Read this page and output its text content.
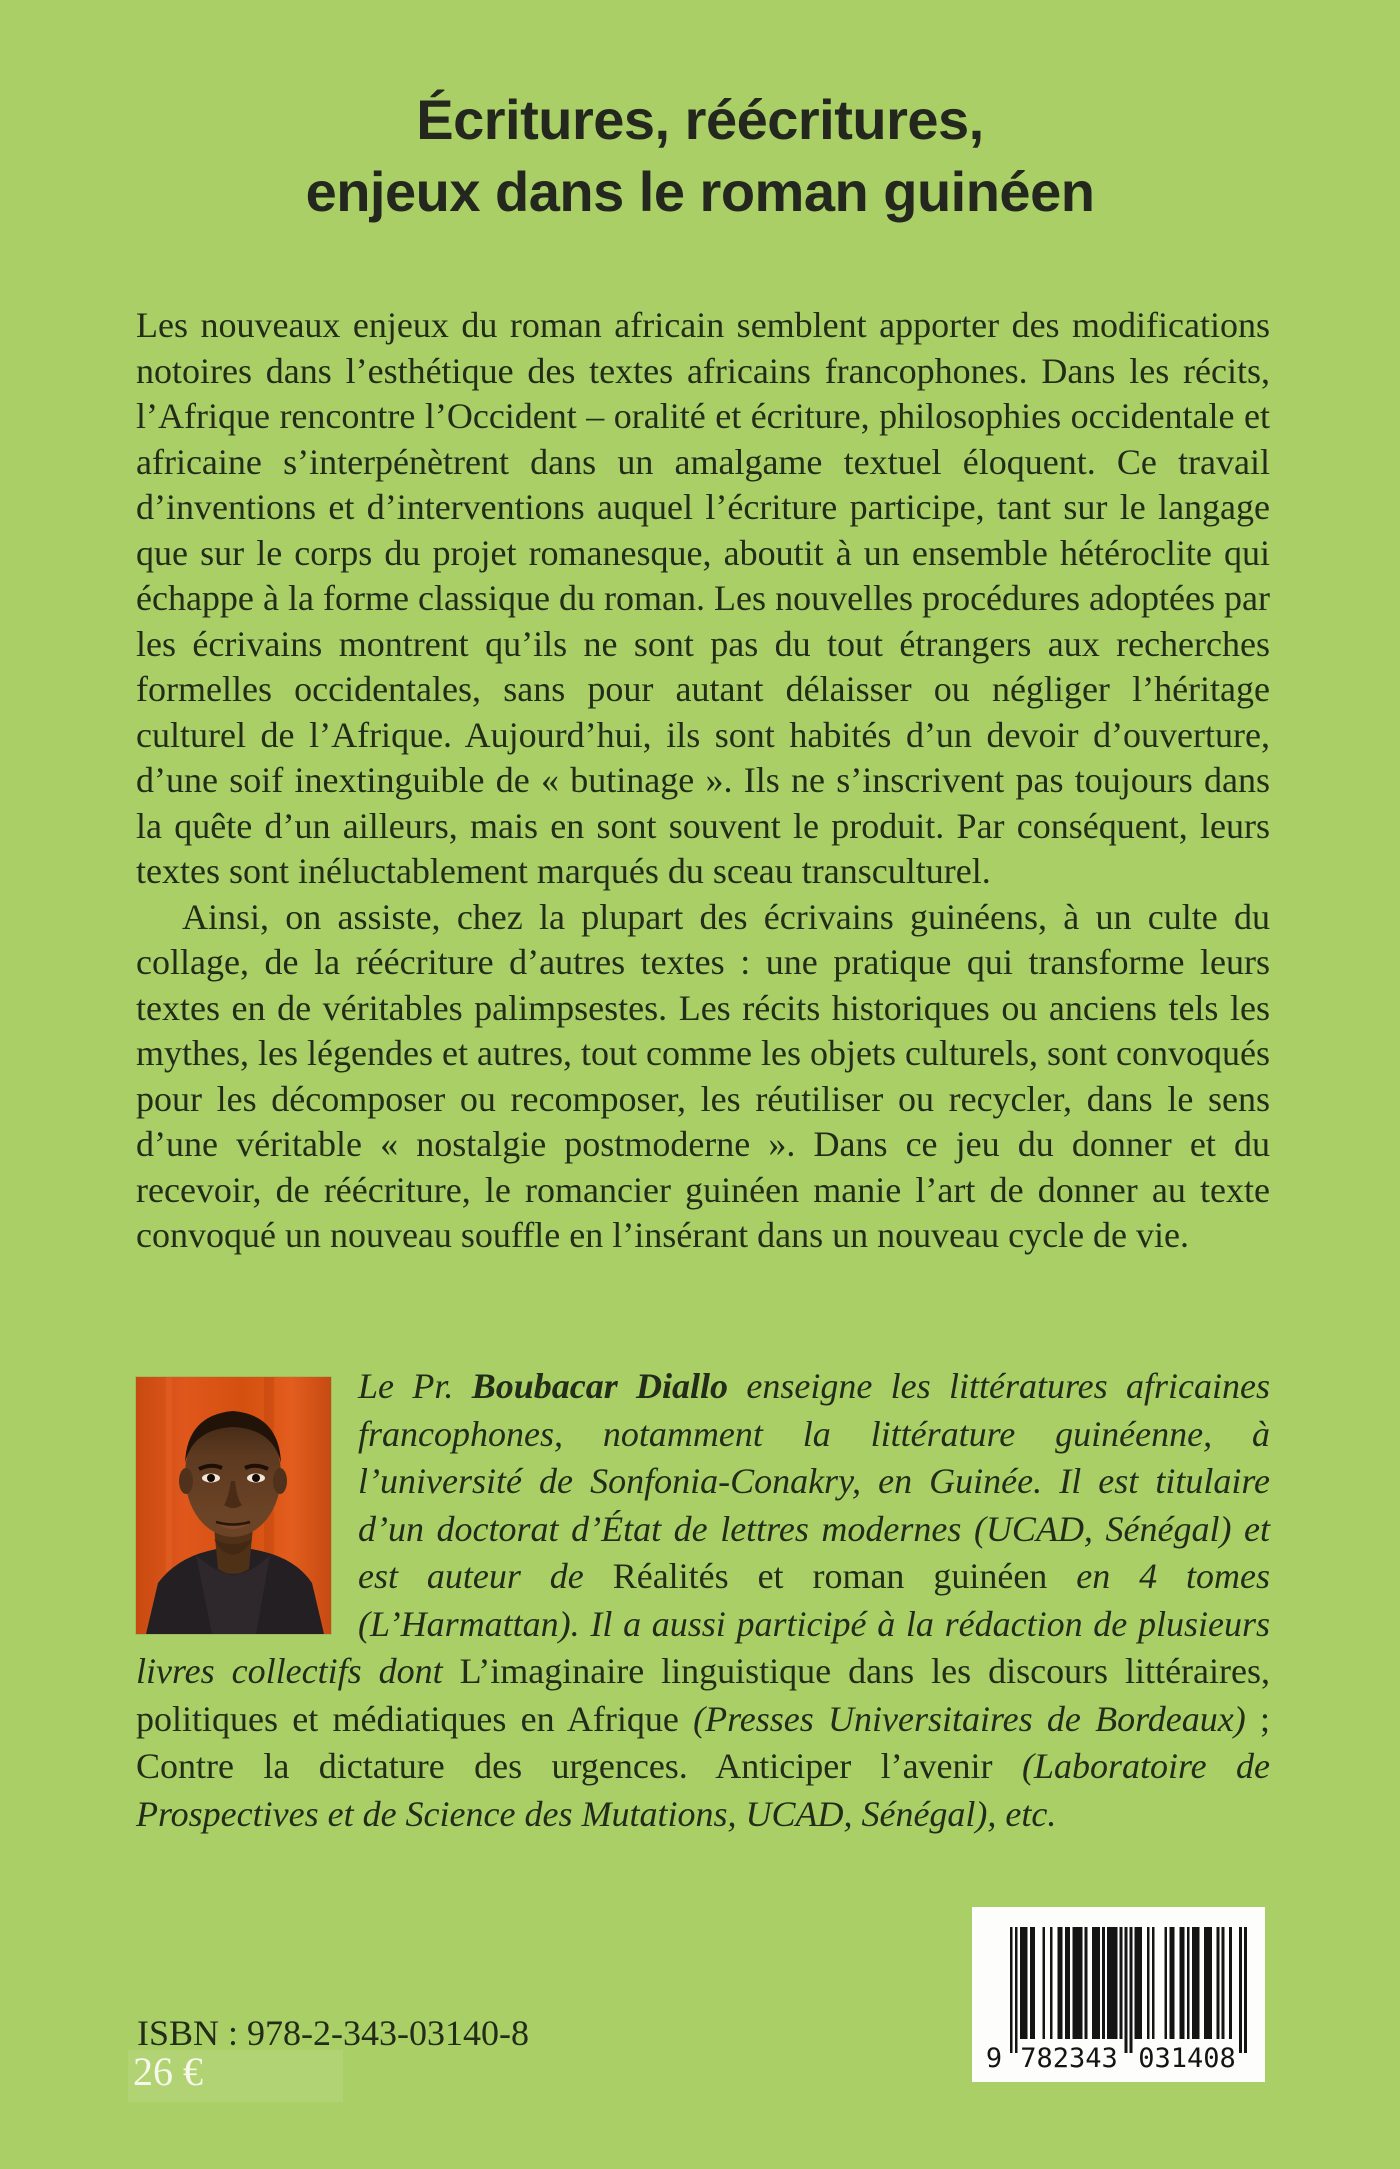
Écritures, réécritures,
enjeux dans le roman guinéen

Les nouveaux enjeux du roman africain semblent apporter des modifications notoires dans l’esthétique des textes africains francophones. Dans les récits, l’Afrique rencontre l’Occident – oralité et écriture, philosophies occidentale et africaine s’interpénètrent dans un amalgame textuel éloquent. Ce travail d’inventions et d’interventions auquel l’écriture participe, tant sur le langage que sur le corps du projet romanesque, aboutit à un ensemble hétéroclite qui échappe à la forme classique du roman. Les nouvelles procédures adoptées par les écrivains montrent qu’ils ne sont pas du tout étrangers aux recherches formelles occidentales, sans pour autant délaisser ou négliger l’héritage culturel de l’Afrique. Aujourd’hui, ils sont habités d’un devoir d’ouverture, d’une soif inextinguible de « butinage ». Ils ne s’inscrivent pas toujours dans la quête d’un ailleurs, mais en sont souvent le produit. Par conséquent, leurs textes sont inéluctablement marqués du sceau transculturel.

Ainsi, on assiste, chez la plupart des écrivains guinéens, à un culte du collage, de la réécriture d’autres textes : une pratique qui transforme leurs textes en de véritables palimpsestes. Les récits historiques ou anciens tels les mythes, les légendes et autres, tout comme les objets culturels, sont convoqués pour les décomposer ou recomposer, les réutiliser ou recycler, dans le sens d’une véritable « nostalgie postmoderne ». Dans ce jeu du donner et du recevoir, de réécriture, le romancier guinéen manie l’art de donner au texte convoqué un nouveau souffle en l’insérant dans un nouveau cycle de vie.

Le Pr. Boubacar Diallo enseigne les littératures africaines francophones, notamment la littérature guinéenne, à l’université de Sonfonia-Conakry, en Guinée. Il est titulaire d’un doctorat d’État de lettres modernes (UCAD, Sénégal) et est auteur de Réalités et roman guinéen en 4 tomes (L’Harmattan). Il a aussi participé à la rédaction de plusieurs livres collectifs dont L’imaginaire linguistique dans les discours littéraires, politiques et médiatiques en Afrique (Presses Universitaires de Bordeaux) ; Contre la dictature des urgences. Anticiper l’avenir (Laboratoire de Prospectives et de Science des Mutations, UCAD, Sénégal), etc.
ISBN : 978-2-343-03140-8
26 €	9 782343 031408
